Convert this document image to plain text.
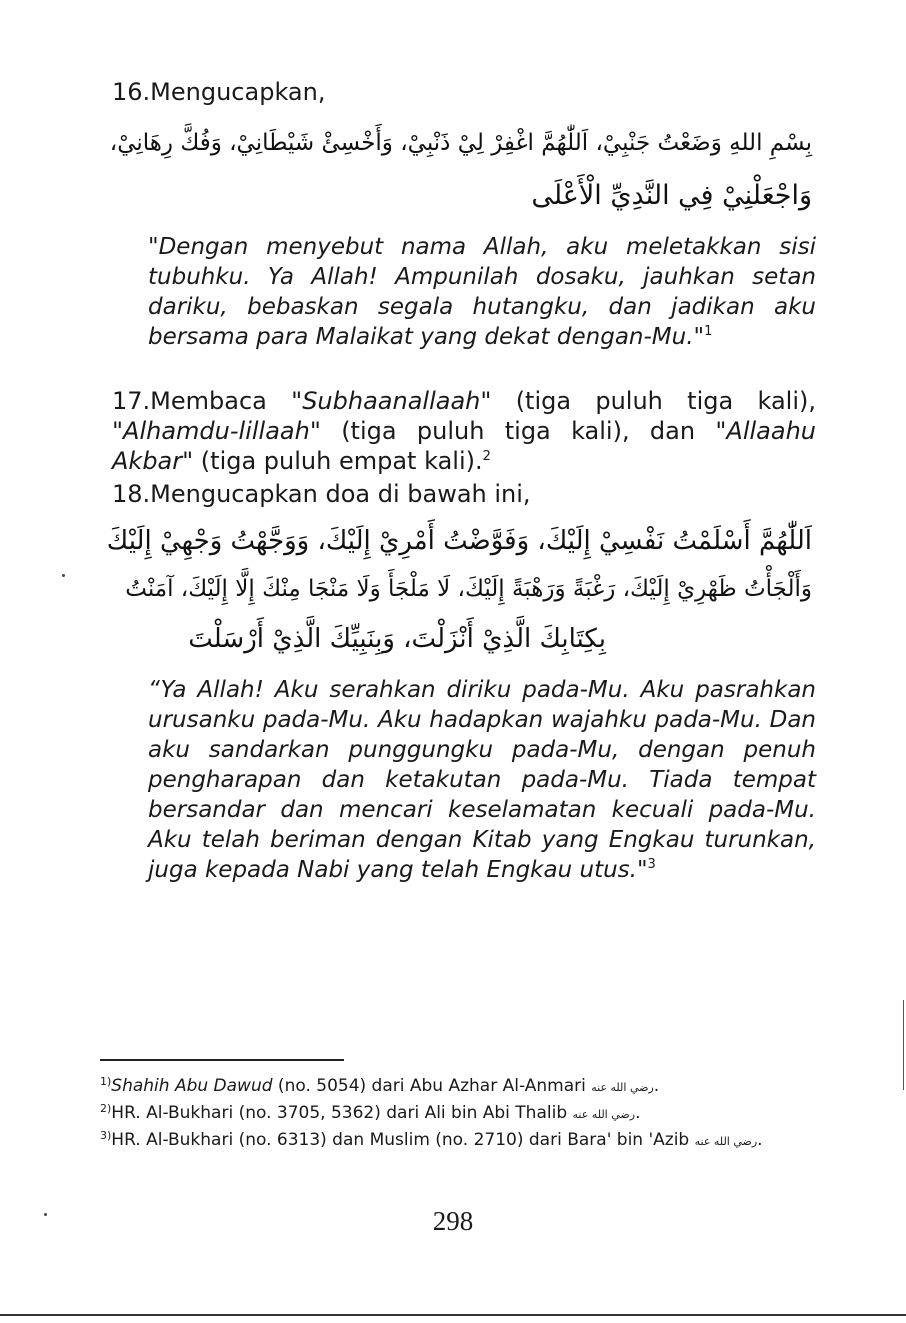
16.Mengucapkan,

بِسْمِ اللهِ وَضَعْتُ جَنْبِيْ، اَللّٰهُمَّ اغْفِرْ لِيْ ذَنْبِيْ، وَأَخْسِئْ شَيْطَانِيْ، وَفُكَّ رِهَانِيْ،

وَاجْعَلْنِيْ فِي النَّدِيِّ الْأَعْلَى

"Dengan menyebut nama Allah, aku meletakkan sisi tubuhku. Ya Allah! Ampunilah dosaku, jauhkan setan dariku, bebaskan segala hutangku, dan jadikan aku bersama para Malaikat yang dekat dengan-Mu."$^1$

17.Membaca "Subhaanallaah" (tiga puluh tiga kali), "Alhamdu-lillaah" (tiga puluh tiga kali), dan "Allaahu Akbar" (tiga puluh empat kali).$^2$

18.Mengucapkan doa di bawah ini,

اَللّٰهُمَّ أَسْلَمْتُ نَفْسِيْ إِلَيْكَ، وَفَوَّضْتُ أَمْرِيْ إِلَيْكَ، وَوَجَّهْتُ وَجْهِيْ إِلَيْكَ

وَأَلْجَأْتُ ظَهْرِيْ إِلَيْكَ، رَغْبَةً وَرَهْبَةً إِلَيْكَ، لَا مَلْجَأَ وَلَا مَنْجَا مِنْكَ إِلَّا إِلَيْكَ، آمَنْتُ

بِكِتَابِكَ الَّذِيْ أَنْزَلْتَ، وَبِنَبِيِّكَ الَّذِيْ أَرْسَلْتَ

“Ya Allah! Aku serahkan diriku pada-Mu. Aku pasrahkan urusanku pada-Mu. Aku hadapkan wajahku pada-Mu. Dan aku sandarkan punggungku pada-Mu, dengan penuh pengharapan dan ketakutan pada-Mu. Tiada tempat bersandar dan mencari keselamatan kecuali pada-Mu. Aku telah beriman dengan Kitab yang Engkau turunkan, juga kepada Nabi yang telah Engkau utus."$^3$

$^{1)}$Shahih Abu Dawud (no. 5054) dari Abu Azhar Al-Anmari رضي الله عنه.

$^{2)}$HR. Al-Bukhari (no. 3705, 5362) dari Ali bin Abi Thalib رضي الله عنه.

$^{3)}$HR. Al-Bukhari (no. 6313) dan Muslim (no. 2710) dari Bara' bin 'Azib رضي الله عنه.

298
